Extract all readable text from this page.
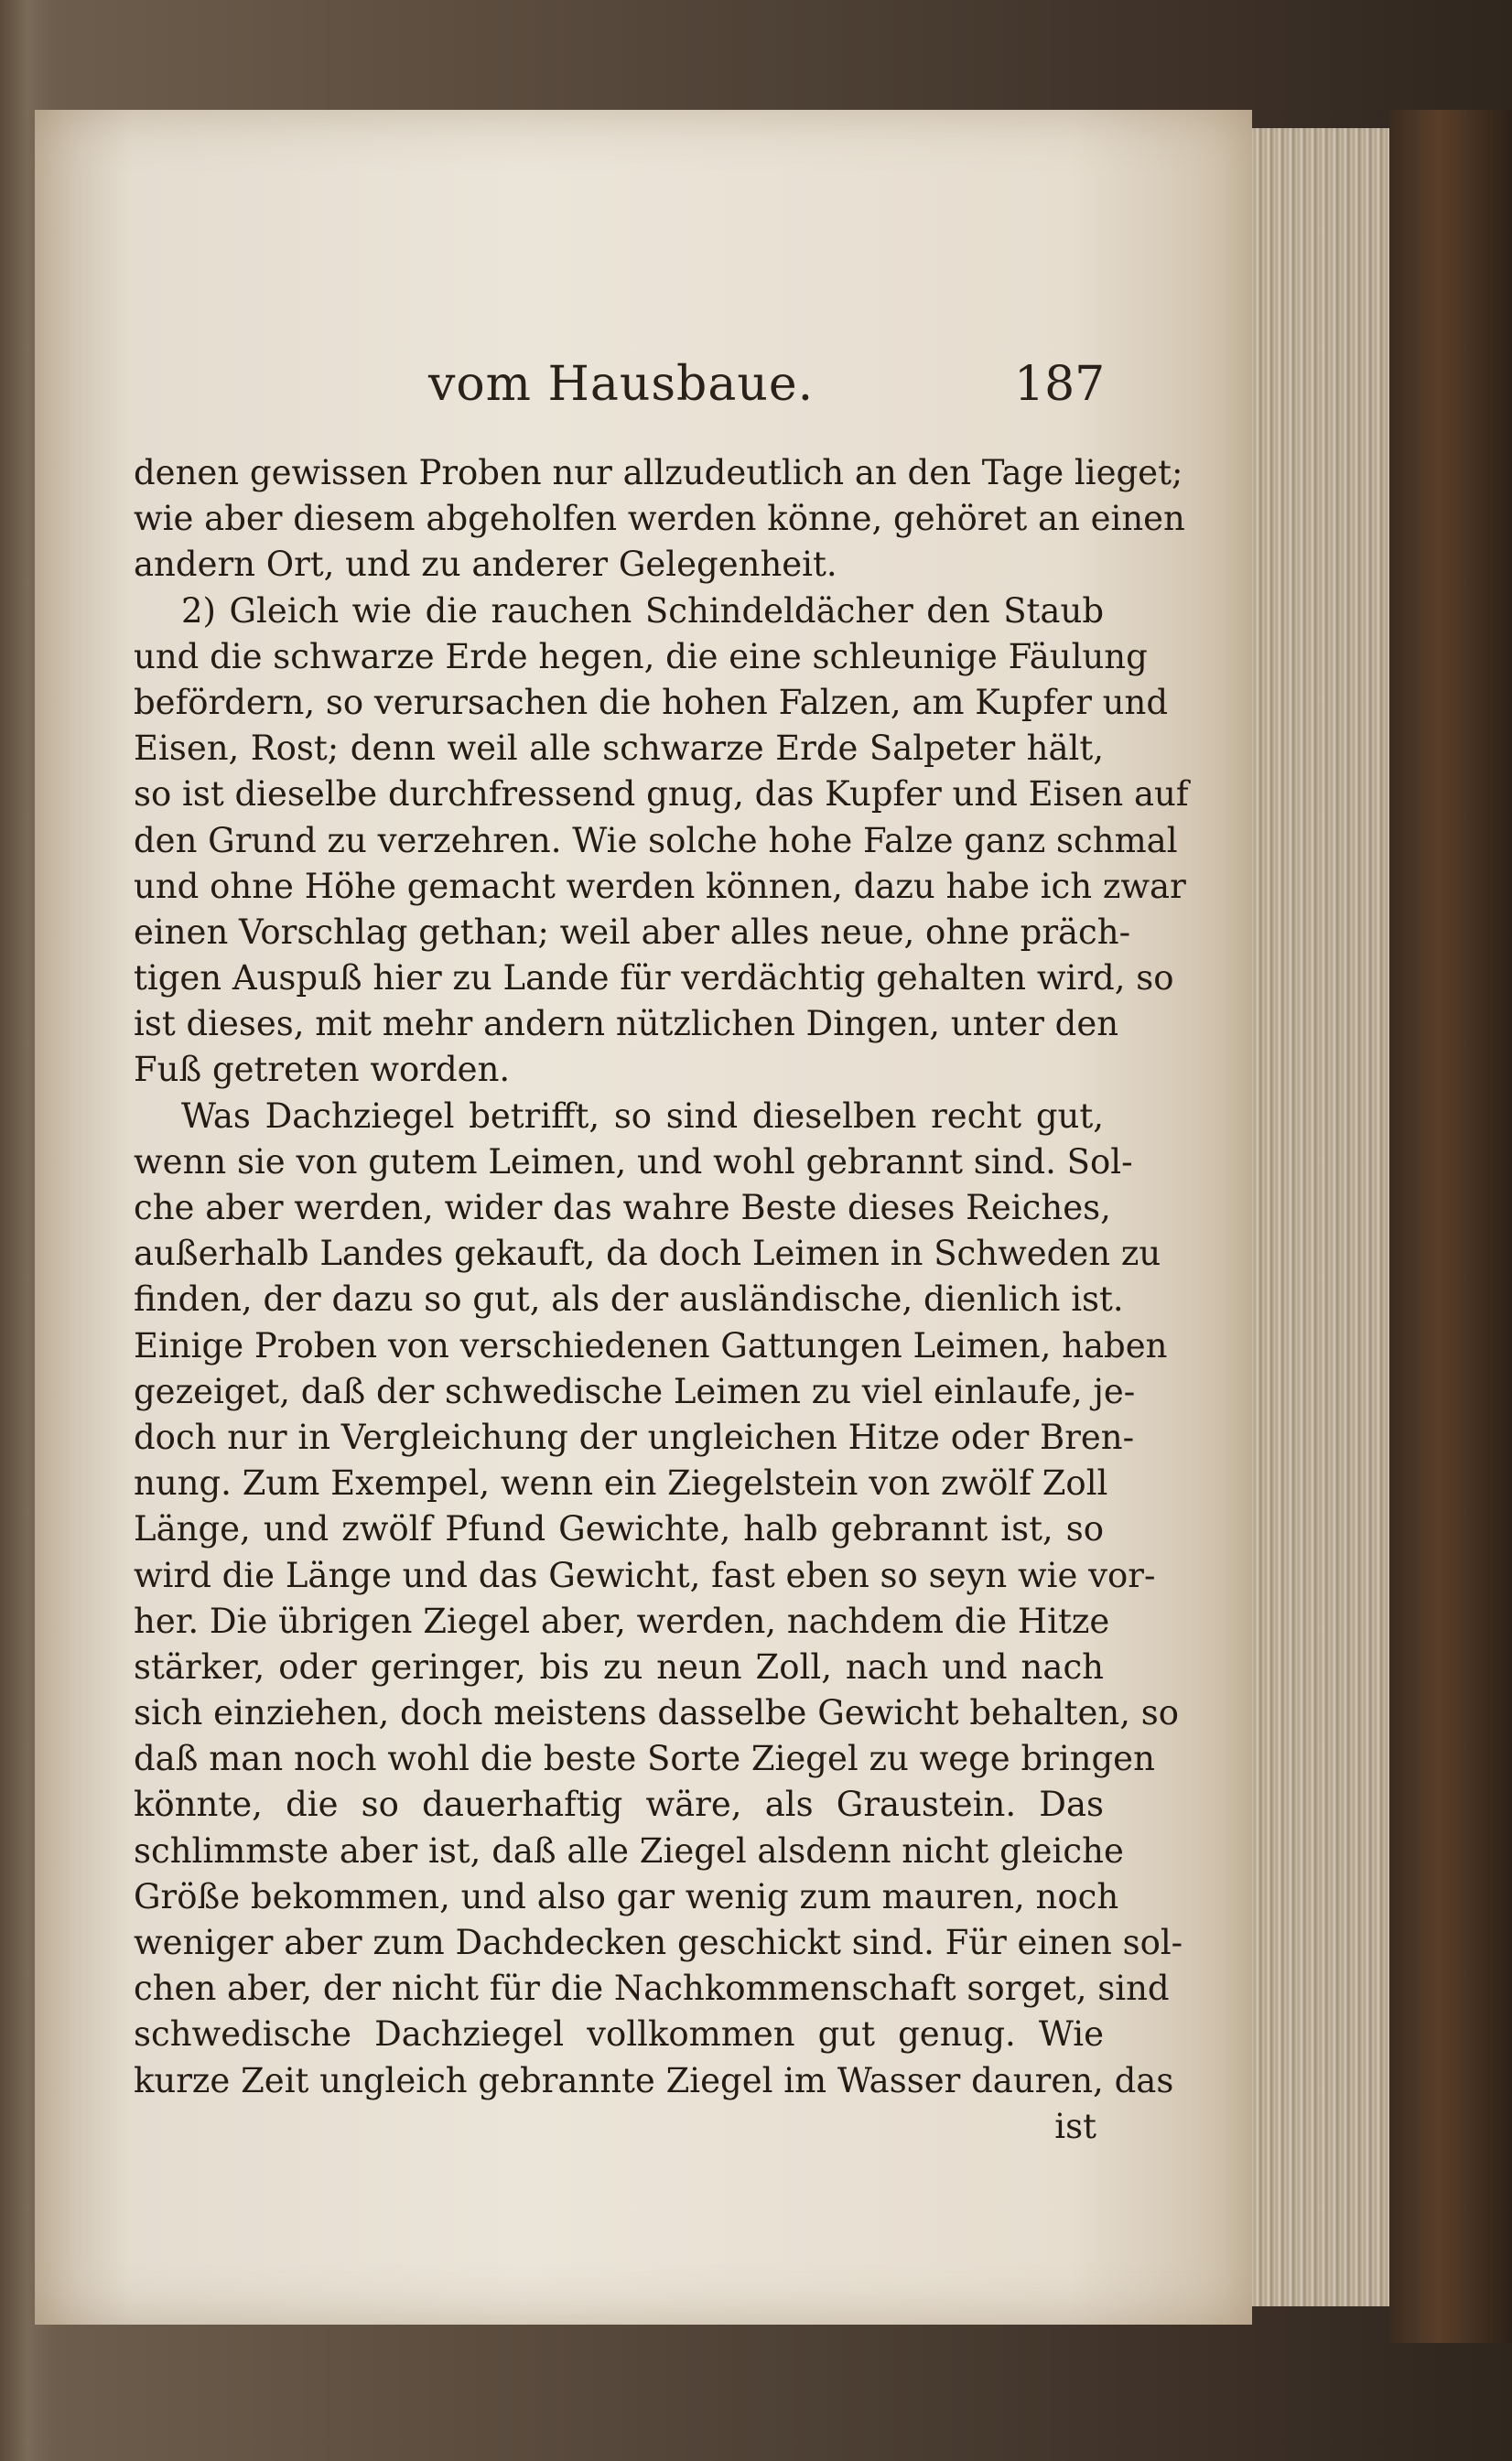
vom Hausbaue.	187
denen gewissen Proben nur allzudeutlich an den Tage lieget;
wie aber diesem abgeholfen werden könne, gehöret an einen
andern Ort, und zu anderer Gelegenheit.
2) Gleich wie die rauchen Schindeldächer den Staub
und die schwarze Erde hegen, die eine schleunige Fäulung
befördern, so verursachen die hohen Falzen, am Kupfer und
Eisen, Rost; denn weil alle schwarze Erde Salpeter hält,
so ist dieselbe durchfressend gnug, das Kupfer und Eisen auf
den Grund zu verzehren. Wie solche hohe Falze ganz schmal
und ohne Höhe gemacht werden können, dazu habe ich zwar
einen Vorschlag gethan; weil aber alles neue, ohne präch-
tigen Auspuß hier zu Lande für verdächtig gehalten wird, so
ist dieses, mit mehr andern nützlichen Dingen, unter den
Fuß getreten worden.
Was Dachziegel betrifft, so sind dieselben recht gut,
wenn sie von gutem Leimen, und wohl gebrannt sind. Sol-
che aber werden, wider das wahre Beste dieses Reiches,
außerhalb Landes gekauft, da doch Leimen in Schweden zu
finden, der dazu so gut, als der ausländische, dienlich ist.
Einige Proben von verschiedenen Gattungen Leimen, haben
gezeiget, daß der schwedische Leimen zu viel einlaufe, je-
doch nur in Vergleichung der ungleichen Hitze oder Bren-
nung. Zum Exempel, wenn ein Ziegelstein von zwölf Zoll
Länge, und zwölf Pfund Gewichte, halb gebrannt ist, so
wird die Länge und das Gewicht, fast eben so seyn wie vor-
her. Die übrigen Ziegel aber, werden, nachdem die Hitze
stärker, oder geringer, bis zu neun Zoll, nach und nach
sich einziehen, doch meistens dasselbe Gewicht behalten, so
daß man noch wohl die beste Sorte Ziegel zu wege bringen
könnte, die so dauerhaftig wäre, als Graustein. Das
schlimmste aber ist, daß alle Ziegel alsdenn nicht gleiche
Größe bekommen, und also gar wenig zum mauren, noch
weniger aber zum Dachdecken geschickt sind. Für einen sol-
chen aber, der nicht für die Nachkommenschaft sorget, sind
schwedische Dachziegel vollkommen gut genug. Wie
kurze Zeit ungleich gebrannte Ziegel im Wasser dauren, das
ist
